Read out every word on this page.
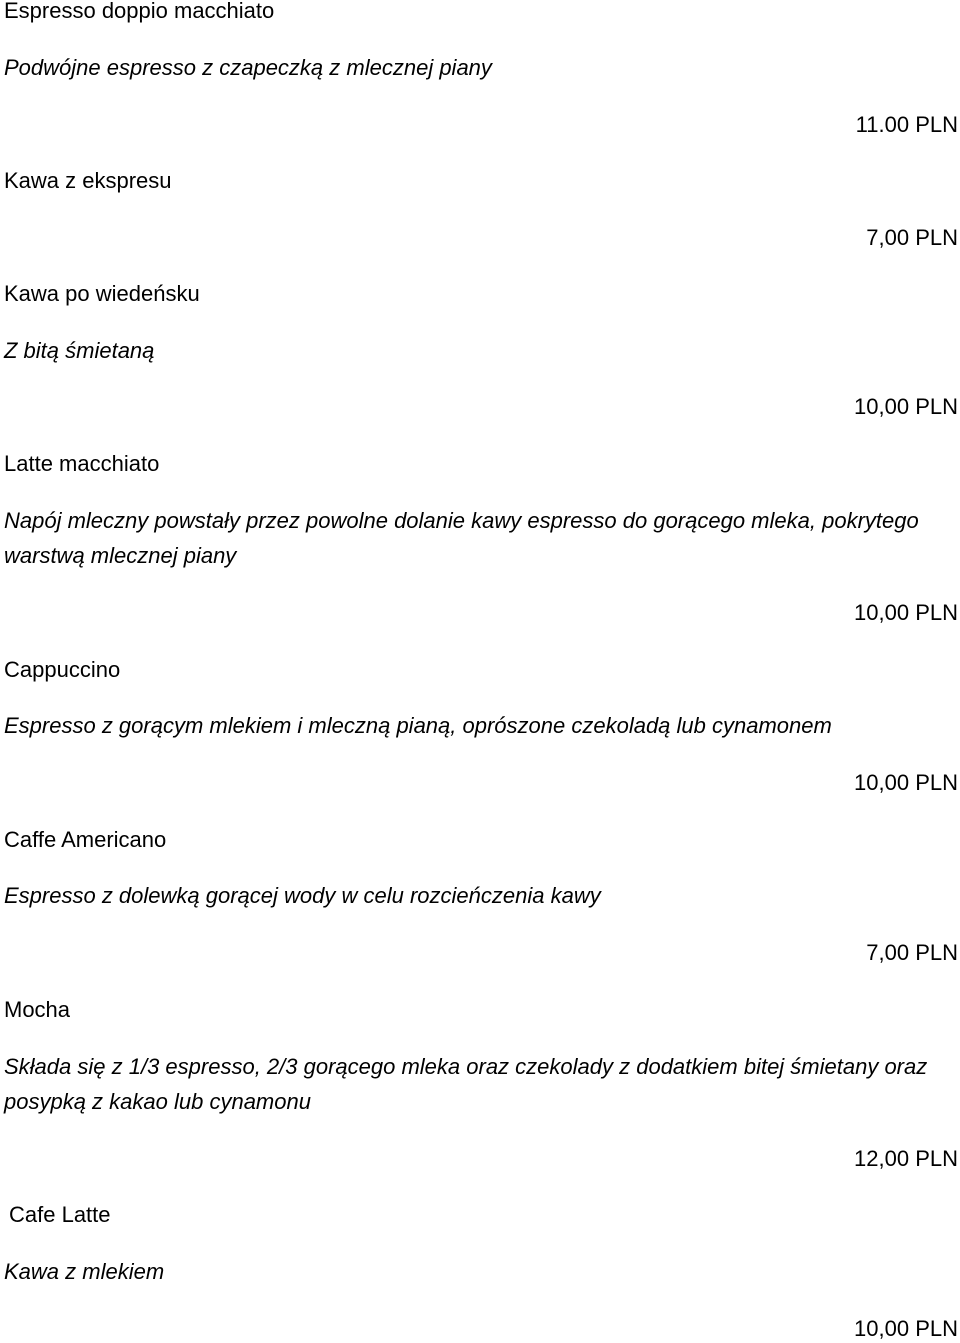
Espresso doppio macchiato

Podwójne espresso z czapeczką z mlecznej piany

11.00 PLN

Kawa z ekspresu

7,00 PLN

Kawa po wiedeńsku

Z bitą śmietaną

10,00 PLN

Latte macchiato

Napój mleczny powstały przez powolne dolanie kawy espresso do gorącego mleka, pokrytego warstwą mlecznej piany

10,00 PLN

Cappuccino

Espresso z gorącym mlekiem i mleczną pianą, oprószone czekoladą lub cynamonem

10,00 PLN

Caffe Americano

Espresso z dolewką gorącej wody w celu rozcieńczenia kawy

7,00 PLN

Mocha

Składa się z 1/3 espresso, 2/3 gorącego mleka oraz czekolady z dodatkiem bitej śmietany oraz posypką z kakao lub cynamonu

12,00 PLN

Cafe Latte

Kawa z mlekiem

10,00 PLN
